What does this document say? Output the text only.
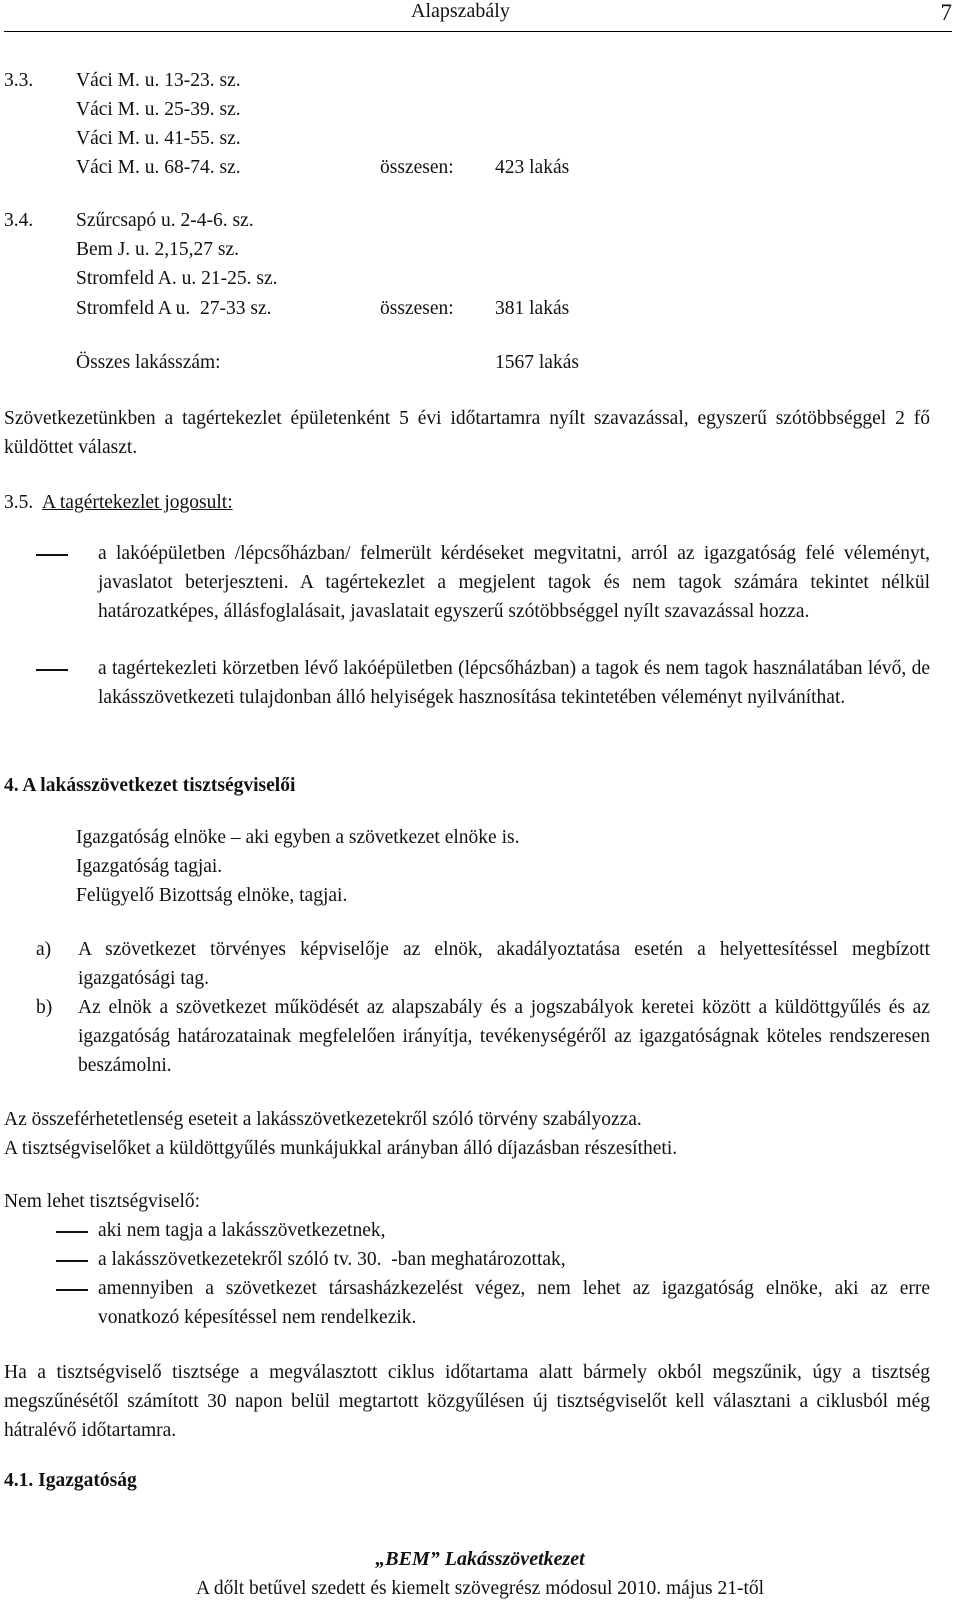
Alapszabály	7
3.3. Váci M. u. 13-23. sz.
Váci M. u. 25-39. sz.
Váci M. u. 41-55. sz.
Váci M. u. 68-74. sz.	összesen: 423 lakás
3.4. Szűrcsapó u. 2-4-6. sz.
Bem J. u. 2,15,27 sz.
Stromfeld A. u. 21-25. sz.
Stromfeld A u.  27-33 sz.	összesen: 381 lakás
Összes lakásszám:	1567 lakás
Szövetkezetünkben a tagértekezlet épületenként 5 évi időtartamra nyílt szavazással, egyszerű szótöbbséggel 2 fő küldöttet választ.
3.5. A tagértekezlet jogosult:
a lakóépületben /lépcsőházban/ felmerült kérdéseket megvitatni, arról az igazgatóság felé véleményt, javaslatot beterjeszteni. A tagértekezlet a megjelent tagok és nem tagok számára tekintet nélkül határozatképes, állásfoglalásait, javaslatait egyszerű szótöbbséggel nyílt szavazással hozza.
a tagértekezleti körzetben lévő lakóépületben (lépcsőházban) a tagok és nem tagok használatában lévő, de lakásszövetkezeti tulajdonban álló helyiségek hasznosítása tekintetében véleményt nyilváníthat.
4. A lakásszövetkezet tisztségviselői
Igazgatóság elnöke – aki egyben a szövetkezet elnöke is.
Igazgatóság tagjai.
Felügyelő Bizottság elnöke, tagjai.
a) A szövetkezet törvényes képviselője az elnök, akadályoztatása esetén a helyettesítéssel megbízott igazgatósági tag.
b) Az elnök a szövetkezet működését az alapszabály és a jogszabályok keretei között a küldöttgyűlés és az igazgatóság határozatainak megfelelően irányítja, tevékenységéről az igazgatóságnak köteles rendszeresen beszámolni.
Az összeférhetetlenség eseteit a lakásszövetkezetekről szóló törvény szabályozza.
A tisztségviselőket a küldöttgyűlés munkájukkal arányban álló díjazásban részesítheti.
Nem lehet tisztségviselő:
aki nem tagja a lakásszövetkezetnek,
a lakásszövetkezetekről szóló tv. 30.  -ban meghatározottak,
amennyiben a szövetkezet társasházkezelést végez, nem lehet az igazgatóság elnöke, aki az erre vonatkozó képesítéssel nem rendelkezik.
Ha a tisztségviselő tisztsége a megválasztott ciklus időtartama alatt bármely okból megszűnik, úgy a tisztség megszűnésétől számított 30 napon belül megtartott közgyűlésen új tisztségviselőt kell választani a ciklusból még hátralévő időtartamra.
4.1. Igazgatóság
„BEM” Lakásszövetkezet
A dőlt betűvel szedett és kiemelt szövegrész módosul 2010. május 21-től
